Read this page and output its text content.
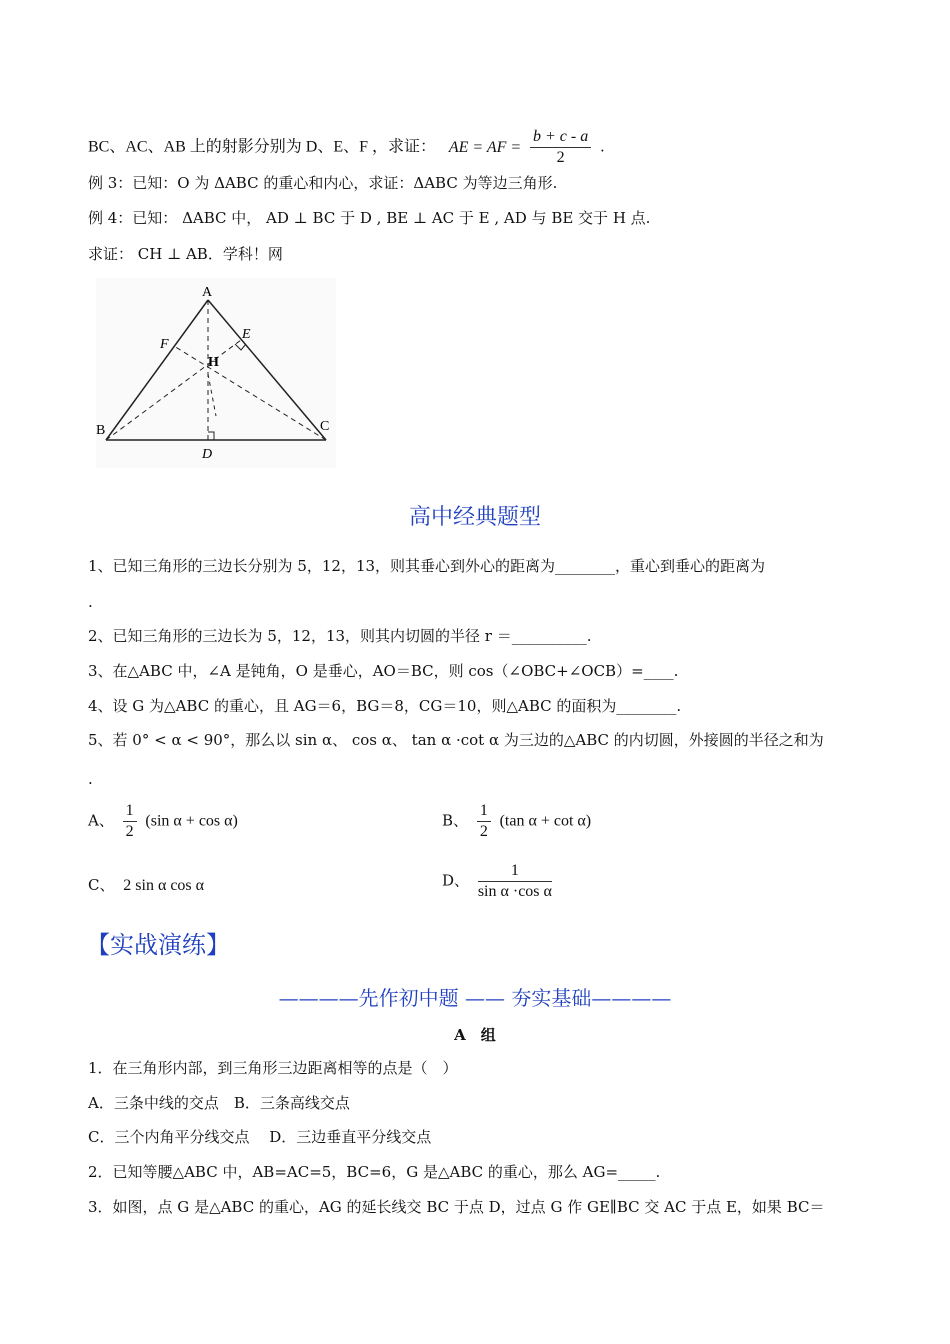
BC、AC、AB 上的射影分别为 D、E、F ，求证： AE = AF = $\frac{b + c - a}{2}$ .
例 3：已知：O 为 ΔABC 的重心和内心，求证：ΔABC 为等边三角形.
例 4：已知： ΔABC 中， AD ⊥ BC 于 D , BE ⊥ AC 于 E , AD 与 BE 交于 H 点.
求证： CH ⊥ AB．学科！网
A
B	C
D
E
F
H
高中经典题型
1、已知三角形的三边长分别为 5，12，13，则其垂心到外心的距离为________，重心到垂心的距离为
.
2、已知三角形的三边长为 5，12，13，则其内切圆的半径 r ＝__________.
3、在△ABC 中，∠A 是钝角，O 是垂心，AO＝BC，则 cos（∠OBC+∠OCB）=____.
4、设 G 为△ABC 的重心，且 AG＝6，BG＝8，CG＝10，则△ABC 的面积为________.
5、若 0° < α < 90°，那么以 sin α、 cos α、 tan α ·cot α 为三边的△ABC 的内切圆，外接圆的半径之和为
.
A、 $\frac{1}{2} (\sin$ α + cos α)	B、 $\frac{1}{2} (\tan$ α + cot α)
C、 2 sin α cos α	D、 $\frac{1}{\text{sin α ·cos α}}$
【实战演练】
————先作初中题 —— 夯实基础————
A　组
1．在三角形内部，到三角形三边距离相等的点是（　）
A．三条中线的交点　B．三条高线交点
C．三个内角平分线交点　 D．三边垂直平分线交点
2．已知等腰△ABC 中，AB=AC=5，BC=6，G 是△ABC 的重心，那么 AG=_____.
3．如图，点 G 是△ABC 的重心，AG 的延长线交 BC 于点 D，过点 G 作 GE∥BC 交 AC 于点 E，如果 BC＝
